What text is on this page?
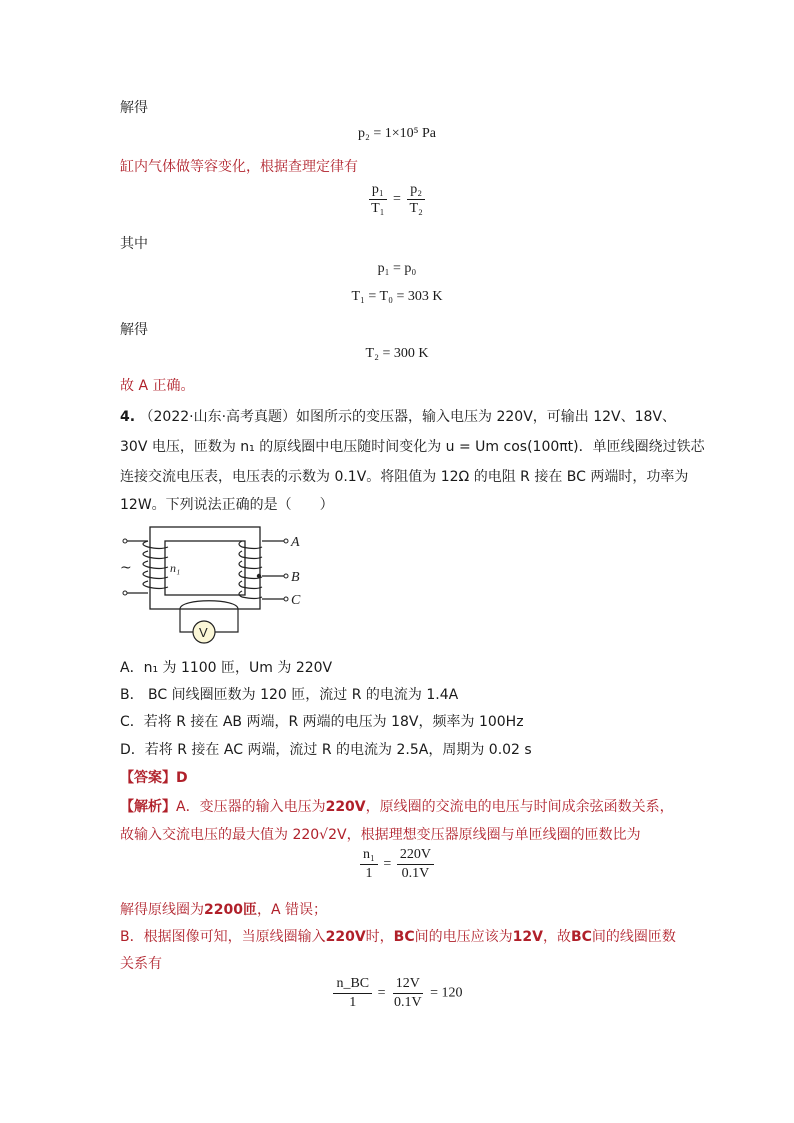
解得
p₂ = 1×10⁵ Pa
缸内气体做等容变化，根据查理定律有
$\frac{\text{p₁}}{\text{T₁}} = \frac{\text{p₂}}{\text{T₂}}$
其中
p₁ = p₀
T₁ = T₀ = 303 K
解得
T₂ = 300 K
故 A 正确。
4. （2022·山东·高考真题）如图所示的变压器，输入电压为 220V，可输出 12V、18V、
30V 电压，匝数为 n₁ 的原线圈中电压随时间变化为 u = Um cos(100πt)．单匝线圈绕过铁芯
连接交流电压表，电压表的示数为 0.1V。将阻值为 12Ω 的电阻 R 接在 BC 两端时，功率为
12W。下列说法正确的是（　　）
~	n₁
A
B
C
V
A．n₁ 为 1100 匝，Um 为 220V
B． BC 间线圈匝数为 120 匝，流过 R 的电流为 1.4A
C．若将 R 接在 AB 两端，R 两端的电压为 18V，频率为 100Hz
D．若将 R 接在 AC 两端，流过 R 的电流为 2.5A，周期为 0.02 s
【答案】D
【解析】A．变压器的输入电压为220V，原线圈的交流电的电压与时间成余弦函数关系，
故输入交流电压的最大值为 220√2V，根据理想变压器原线圈与单匝线圈的匝数比为
$\frac{\text{n₁}}{1} = \frac{220V}{0.1V}$
解得原线圈为2200匝，A 错误；
B．根据图像可知，当原线圈输入220V时，BC间的电压应该为12V，故BC间的线圈匝数
关系有
$\frac{n\_BC}{1} = \frac{12V}{0.1V} = 120$
